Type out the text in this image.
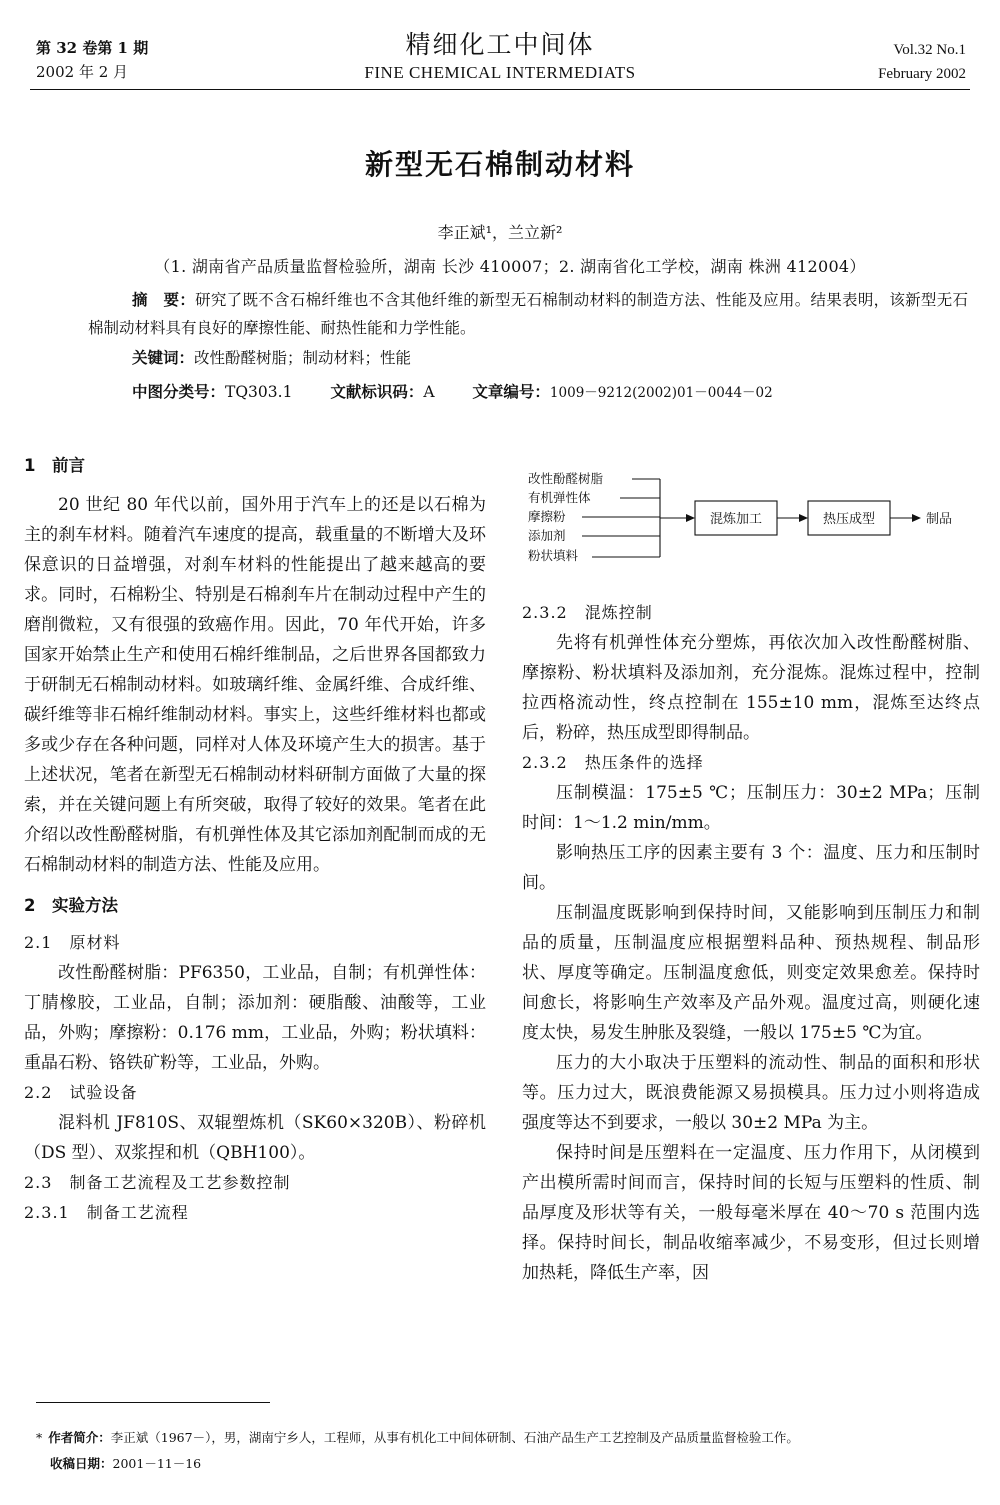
第 32 卷第 1 期
2002 年 2 月
精细化工中间体
FINE CHEMICAL INTERMEDIATS
Vol.32 No.1
February 2002
新型无石棉制动材料
李正斌¹，兰立新²
（1. 湖南省产品质量监督检验所，湖南 长沙 410007；2. 湖南省化工学校，湖南 株洲 412004）
摘　要：研究了既不含石棉纤维也不含其他纤维的新型无石棉制动材料的制造方法、性能及应用。结果表明，该新型无石棉制动材料具有良好的摩擦性能、耐热性能和力学性能。
关键词：改性酚醛树脂；制动材料；性能
中图分类号：TQ303.1 文献标识码：A 文章编号：1009－9212(2002)01－0044－02
1　前言

20 世纪 80 年代以前，国外用于汽车上的还是以石棉为主的刹车材料。随着汽车速度的提高，载重量的不断增大及环保意识的日益增强，对刹车材料的性能提出了越来越高的要求。同时，石棉粉尘、特别是石棉刹车片在制动过程中产生的磨削微粒，又有很强的致癌作用。因此，70 年代开始，许多国家开始禁止生产和使用石棉纤维制品，之后世界各国都致力于研制无石棉制动材料。如玻璃纤维、金属纤维、合成纤维、碳纤维等非石棉纤维制动材料。事实上，这些纤维材料也都或多或少存在各种问题，同样对人体及环境产生大的损害。基于上述状况，笔者在新型无石棉制动材料研制方面做了大量的探索，并在关键问题上有所突破，取得了较好的效果。笔者在此介绍以改性酚醛树脂，有机弹性体及其它添加剂配制而成的无石棉制动材料的制造方法、性能及应用。

2　实验方法
2.1　原材料

改性酚醛树脂：PF6350，工业品，自制；有机弹性体：丁腈橡胶，工业品，自制；添加剂：硬脂酸、油酸等，工业品，外购；摩擦粉：0.176 mm，工业品，外购；粉状填料：重晶石粉、铬铁矿粉等，工业品，外购。

2.2　试验设备

混料机 JF810S、双辊塑炼机（SK60×320B）、粉碎机（DS 型）、双浆捏和机（QBH100）。

2.3　制备工艺流程及工艺参数控制
2.3.1　制备工艺流程
改性酚醛树脂
有机弹性体
摩擦粉
添加剂
粉状填料
混炼加工	热压成型	制品
2.3.2　混炼控制

先将有机弹性体充分塑炼，再依次加入改性酚醛树脂、摩擦粉、粉状填料及添加剂，充分混炼。混炼过程中，控制拉西格流动性，终点控制在 155±10 mm，混炼至达终点后，粉碎，热压成型即得制品。

2.3.2　热压条件的选择

压制模温：175±5 ℃；压制压力：30±2 MPa；压制时间：1～1.2 min/mm。

影响热压工序的因素主要有 3 个：温度、压力和压制时间。

压制温度既影响到保持时间，又能影响到压制压力和制品的质量，压制温度应根据塑料品种、预热规程、制品形状、厚度等确定。压制温度愈低，则变定效果愈差。保持时间愈长，将影响生产效率及产品外观。温度过高，则硬化速度太快，易发生肿胀及裂缝，一般以 175±5 ℃为宜。

压力的大小取决于压塑料的流动性、制品的面积和形状等。压力过大，既浪费能源又易损模具。压力过小则将造成强度等达不到要求，一般以 30±2 MPa 为主。

保持时间是压塑料在一定温度、压力作用下，从闭模到产出模所需时间而言，保持时间的长短与压塑料的性质、制品厚度及形状等有关，一般每毫米厚在 40～70 s 范围内选择。保持时间长，制品收缩率减少，不易变形，但过长则增加热耗，降低生产率，因

* 作者简介：李正斌（1967－），男，湖南宁乡人，工程师，从事有机化工中间体研制、石油产品生产工艺控制及产品质量监督检验工作。
收稿日期：2001－11－16
